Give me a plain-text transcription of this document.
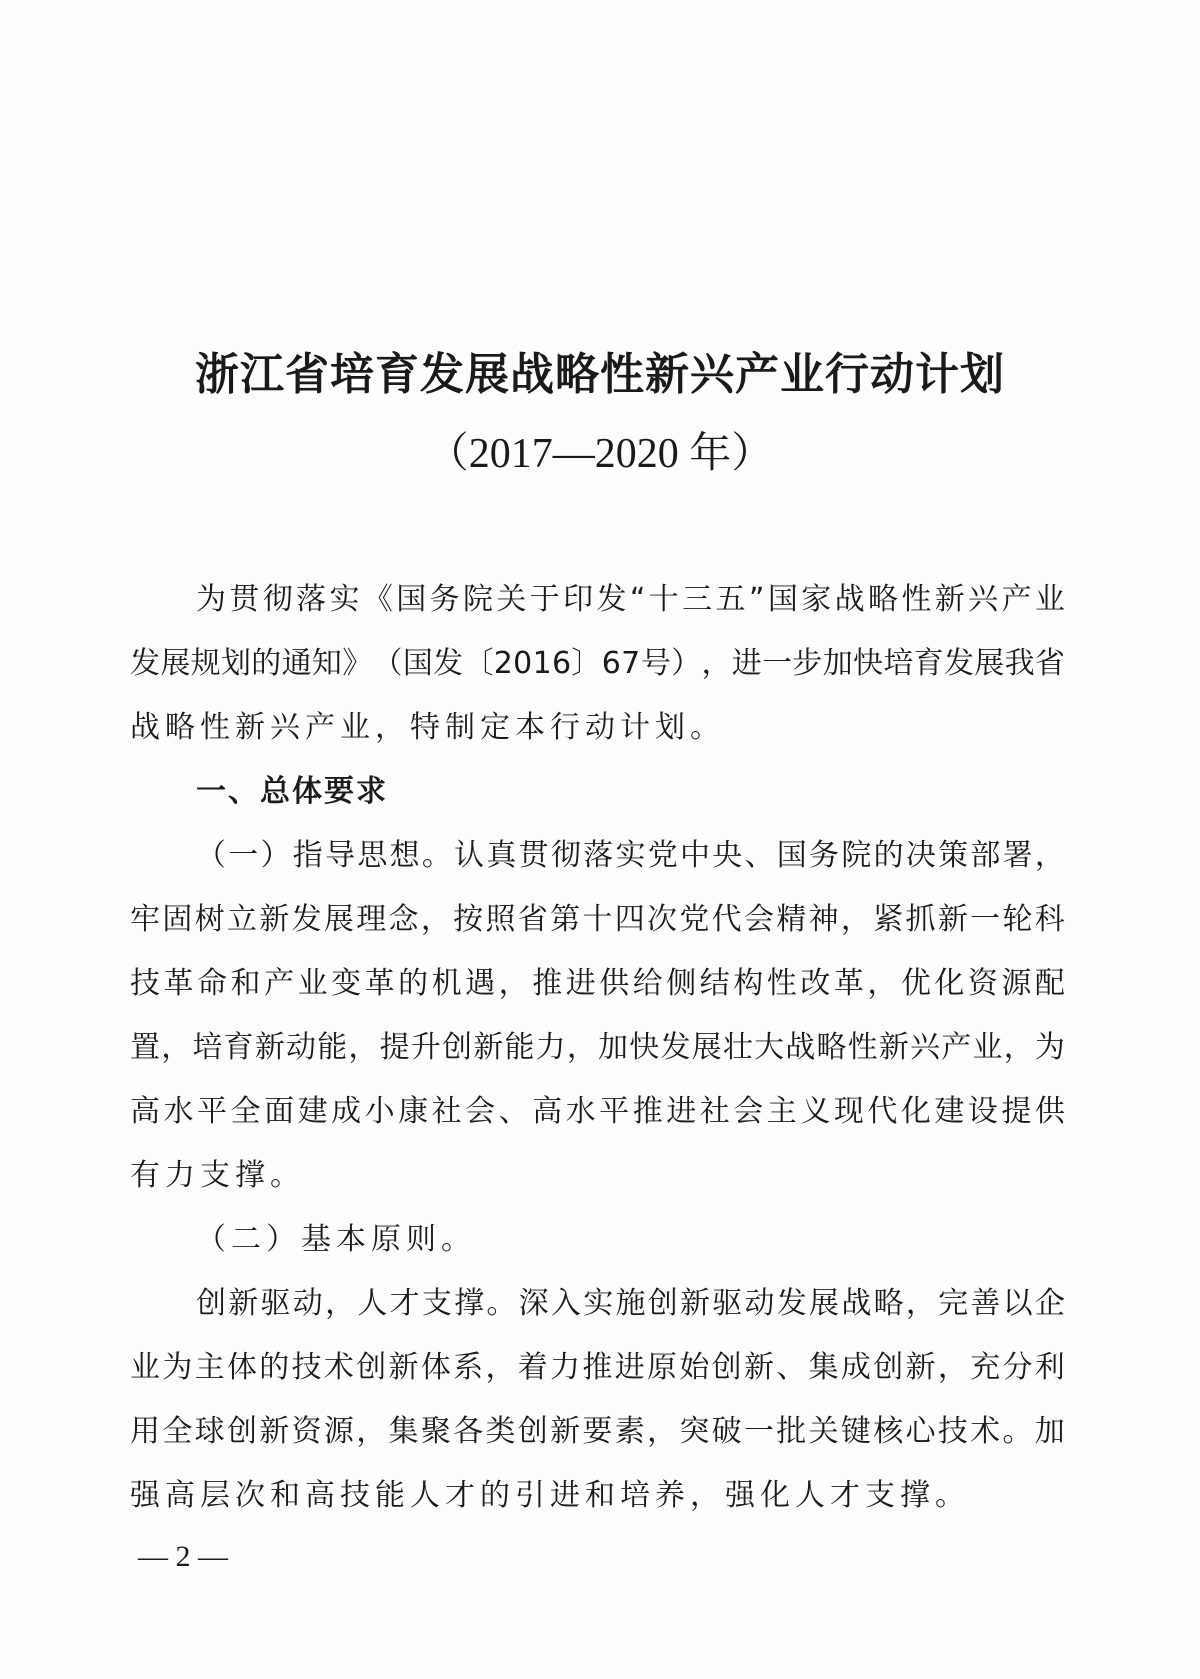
浙江省培育发展战略性新兴产业行动计划
（2017—2020 年）
为 贯 彻 落 实 《 国 务 院 关 于 印 发 “ 十 三 五 ” 国 家 战 略 性 新 兴 产 业
发 展 规 划 的 通 知 》 （ 国 发 〔 2 0 1 6 〕 6 7 号 ） ， 进 一 步 加 快 培 育 发 展 我 省
战略性新兴产业，特制定本行动计划。
一、总体要求
（ 一 ） 指 导 思 想 。 认 真 贯 彻 落 实 党 中 央 、 国 务 院 的 决 策 部 署 ，
牢 固 树 立 新 发 展 理 念 ， 按 照 省 第 十 四 次 党 代 会 精 神 ， 紧 抓 新 一 轮 科
技 革 命 和 产 业 变 革 的 机 遇 ， 推 进 供 给 侧 结 构 性 改 革 ， 优 化 资 源 配
置 ， 培 育 新 动 能 ， 提 升 创 新 能 力 ， 加 快 发 展 壮 大 战 略 性 新 兴 产 业 ， 为
高 水 平 全 面 建 成 小 康 社 会 、 高 水 平 推 进 社 会 主 义 现 代 化 建 设 提 供
有力支撑。
（二）基本原则。
创 新 驱 动 ， 人 才 支 撑 。 深 入 实 施 创 新 驱 动 发 展 战 略 ， 完 善 以 企
业 为 主 体 的 技 术 创 新 体 系 ， 着 力 推 进 原 始 创 新 、 集 成 创 新 ， 充 分 利
用 全 球 创 新 资 源 ， 集 聚 各 类 创 新 要 素 ， 突 破 一 批 关 键 核 心 技 术 。 加
强高层次和高技能人才的引进和培养，强化人才支撑。
— 2 —
